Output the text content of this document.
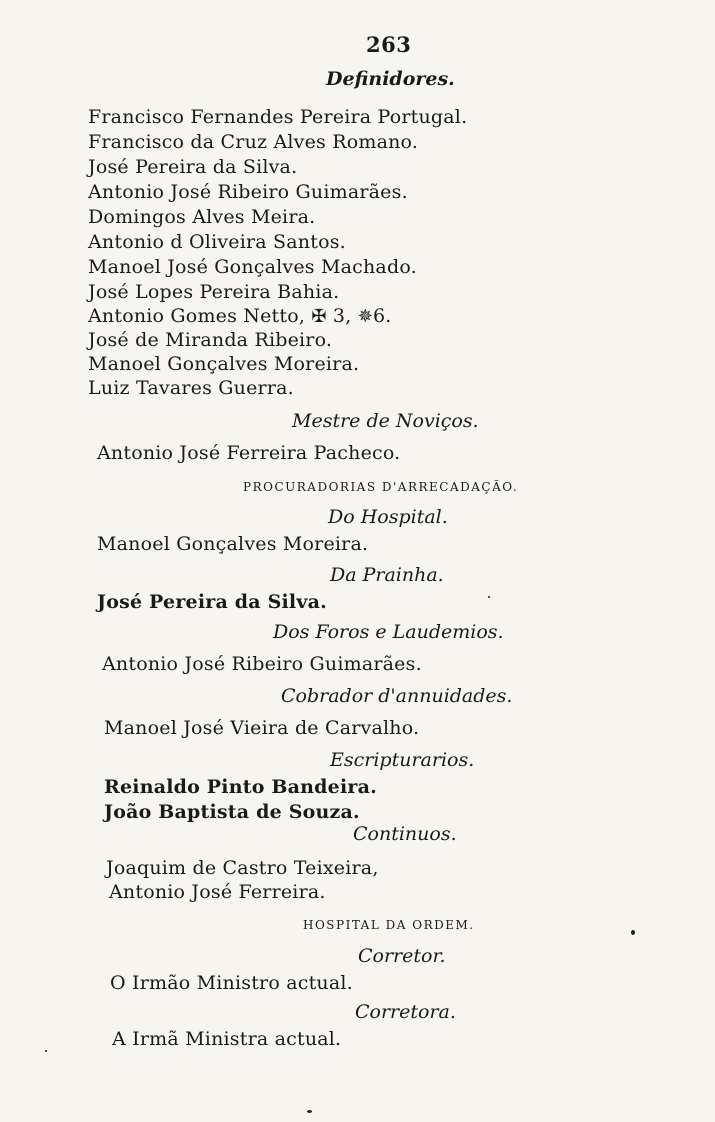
263
Definidores.
Francisco Fernandes Pereira Portugal.
Francisco da Cruz Alves Romano.
José Pereira da Silva.
Antonio José Ribeiro Guimarães.
Domingos Alves Meira.
Antonio d Oliveira Santos.
Manoel José Gonçalves Machado.
José Lopes Pereira Bahia.
Antonio Gomes Netto, ✠ 3, ✵6.
José de Miranda Ribeiro.
Manoel Gonçalves Moreira.
Luiz Tavares Guerra.
Mestre de Noviços.
Antonio José Ferreira Pacheco.
PROCURADORIAS D'ARRECADAÇÃO.
Do Hospital.
Manoel Gonçalves Moreira.
Da Prainha.
José Pereira da Silva.
Dos Foros e Laudemios.
Antonio José Ribeiro Guimarães.
Cobrador d'annuidades.
Manoel José Vieira de Carvalho.
Escripturarios.
Reinaldo Pinto Bandeira.
João Baptista de Souza.
Continuos.
Joaquim de Castro Teixeira,
Antonio José Ferreira.
HOSPITAL DA ORDEM.
Corretor.
O Irmão Ministro actual.
Corretora.
A Irmã Ministra actual.
